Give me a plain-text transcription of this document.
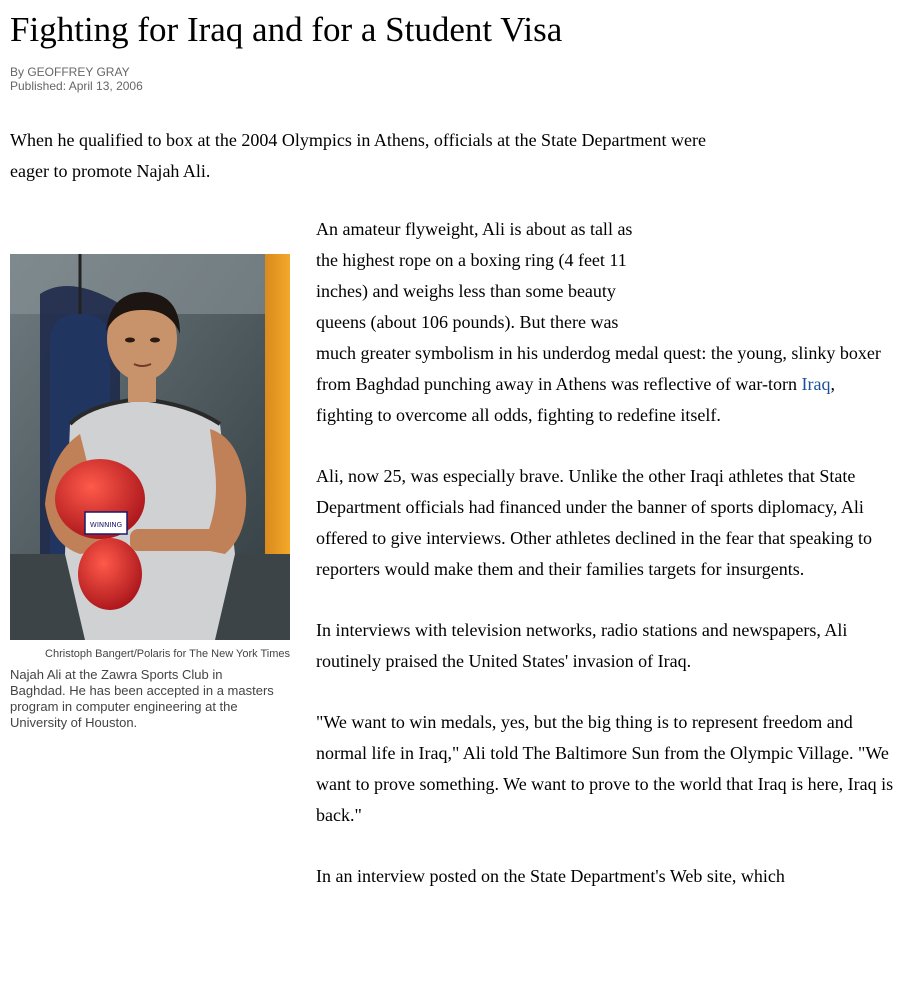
Fighting for Iraq and for a Student Visa
By GEOFFREY GRAY
Published: April 13, 2006

When he qualified to box at the 2004 Olympics in Athens, officials at the State Department were eager to promote Najah Ali.

WINNING
Christoph Bangert/Polaris for The New York Times
Najah Ali at the Zawra Sports Club in Baghdad. He has been accepted in a masters program in computer engineering at the University of Houston.

An amateur flyweight, Ali is about as tall as
the highest rope on a boxing ring (4 feet 11
inches) and weighs less than some beauty
queens (about 106 pounds). But there was
much greater symbolism in his underdog medal quest: the young, slinky boxer from Baghdad punching away in Athens was reflective of war-torn Iraq, fighting to overcome all odds, fighting to redefine itself.

Ali, now 25, was especially brave. Unlike the other Iraqi athletes that State Department officials had financed under the banner of sports diplomacy, Ali offered to give interviews. Other athletes declined in the fear that speaking to reporters would make them and their families targets for insurgents.

In interviews with television networks, radio stations and newspapers, Ali routinely praised the United States' invasion of Iraq.

"We want to win medals, yes, but the big thing is to represent freedom and normal life in Iraq," Ali told The Baltimore Sun from the Olympic Village. "We want to prove something. We want to prove to the world that Iraq is here, Iraq is back."

In an interview posted on the State Department's Web site, which
